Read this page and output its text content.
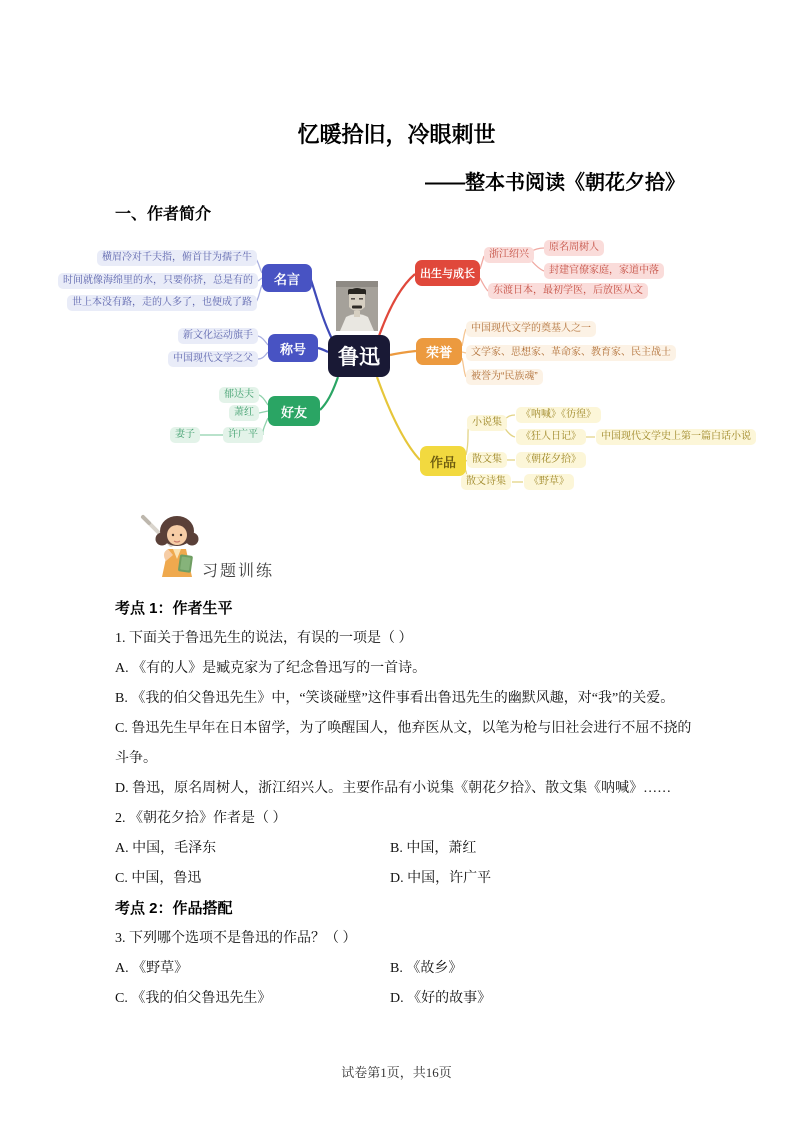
忆暖拾旧，冷眼刺世
——整本书阅读《朝花夕拾》
一、作者简介
鲁迅
名言
称号
好友
出生与成长
荣誉
作品
横眉冷对千夫指，俯首甘为孺子牛
时间就像海绵里的水，只要你挤，总是有的
世上本没有路，走的人多了，也便成了路
新文化运动旗手
中国现代文学之父
郁达夫
萧红
许广平
妻子
浙江绍兴
原名周树人
封建官僚家庭，家道中落
东渡日本，最初学医，后放医从文
中国现代文学的奠基人之一
文学家、思想家、革命家、教育家、民主战士
被誉为“民族魂”
小说集
《呐喊》《彷徨》
《狂人日记》	中国现代文学史上第一篇白话小说
散文集	《朝花夕拾》
散文诗集	《野草》
习题训练
考点 1：作者生平
1. 下面关于鲁迅先生的说法，有误的一项是（ ）
A. 《有的人》是臧克家为了纪念鲁迅写的一首诗。
B. 《我的伯父鲁迅先生》中，“笑谈碰壁”这件事看出鲁迅先生的幽默风趣，对“我”的关爱。
C. 鲁迅先生早年在日本留学，为了唤醒国人，他弃医从文，以笔为枪与旧社会进行不屈不挠的斗争。
D. 鲁迅，原名周树人，浙江绍兴人。主要作品有小说集《朝花夕拾》、散文集《呐喊》……
2. 《朝花夕拾》作者是（ ）
A. 中国，毛泽东	B. 中国，萧红
C. 中国，鲁迅	D. 中国，许广平
考点 2：作品搭配
3. 下列哪个选项不是鲁迅的作品？（ ）
A. 《野草》	B. 《故乡》
C. 《我的伯父鲁迅先生》	D. 《好的故事》
试卷第1页，共16页
